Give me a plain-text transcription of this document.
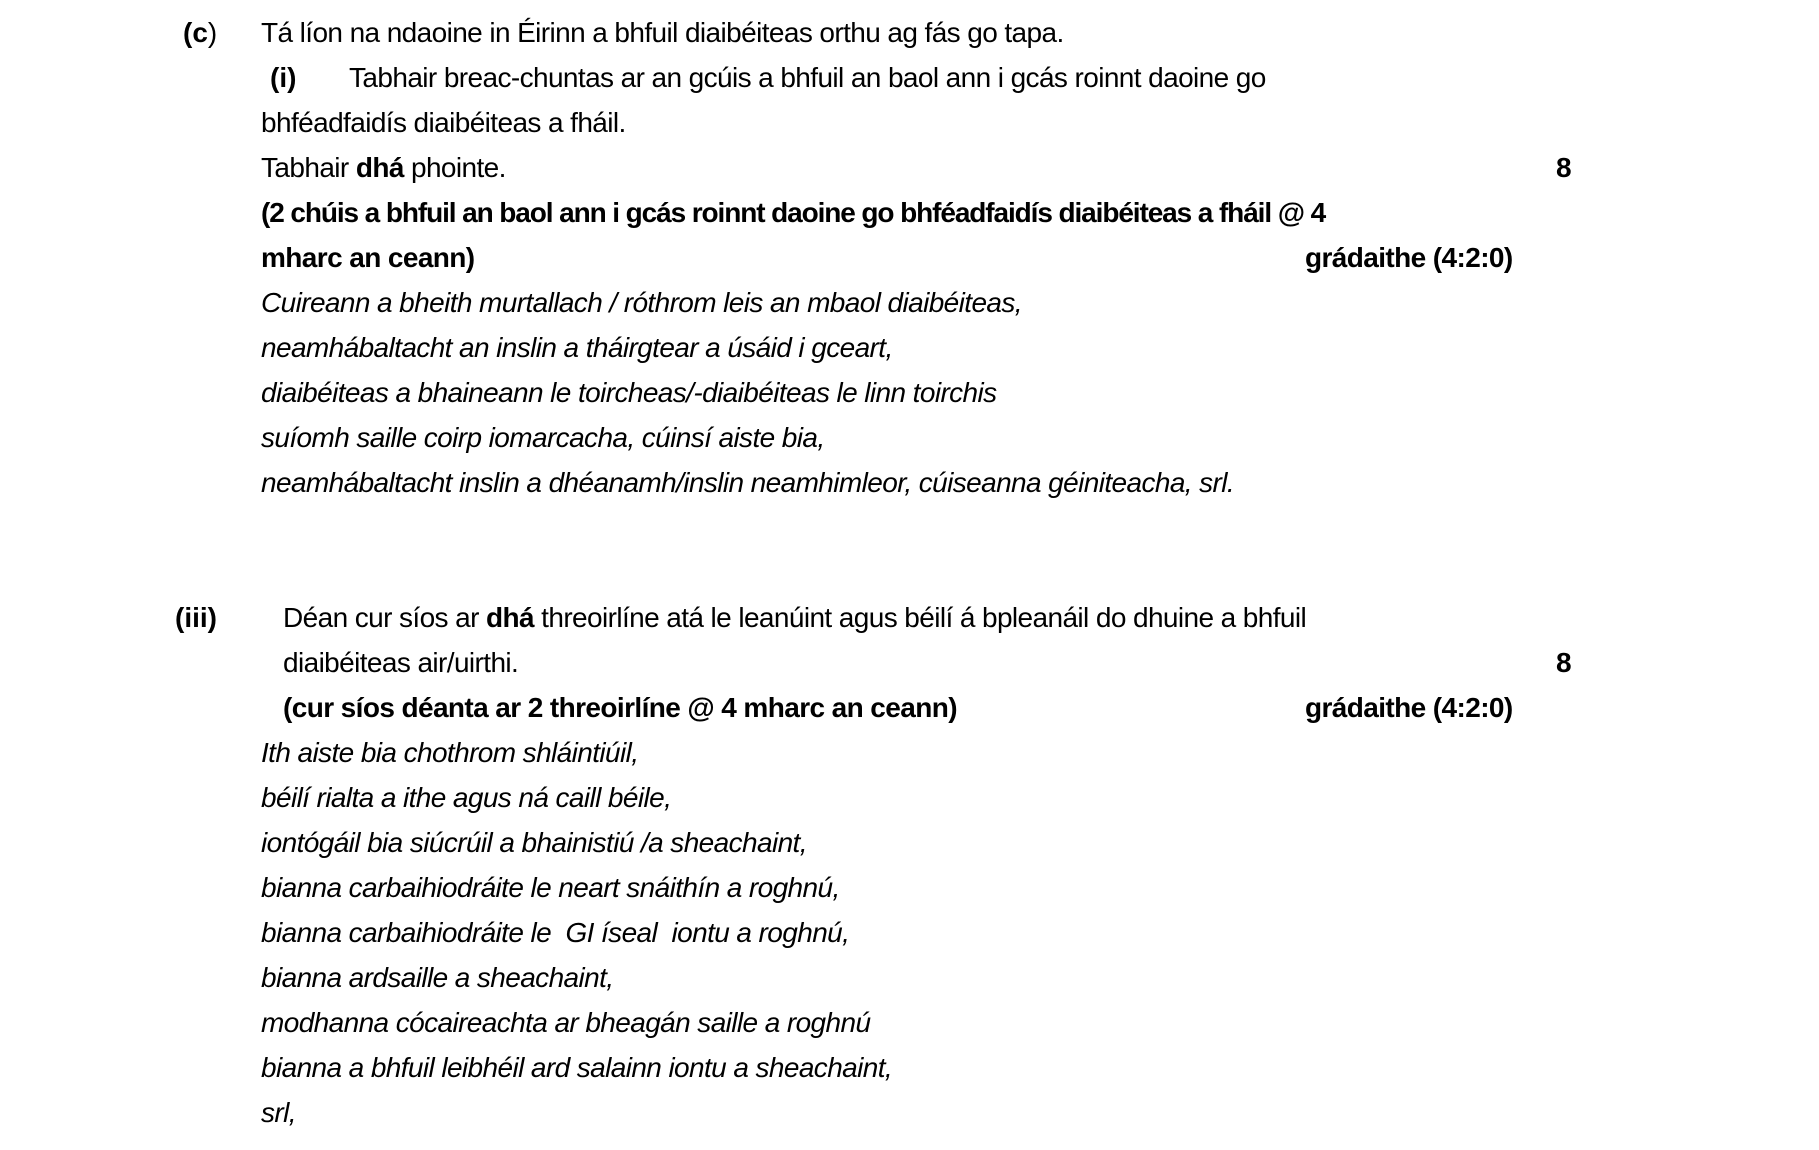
(c) Tá líon na ndaoine in Éirinn a bhfuil diaibéiteas orthu ag fás go tapa.
(i) Tabhair breac-chuntas ar an gcúis a bhfuil an baol ann i gcás roinnt daoine go
bhféadfaidís diaibéiteas a fháil.
Tabhair dhá phointe.	8
(2 chúis a bhfuil an baol ann i gcás roinnt daoine go bhféadfaidís diaibéiteas a fháil @ 4
mharc an ceann)	grádaithe (4:2:0)
Cuireann a bheith murtallach / róthrom leis an mbaol diaibéiteas,
neamhábaltacht an inslin a tháirgtear a úsáid i gceart,
diaibéiteas a bhaineann le toircheas/-diaibéiteas le linn toirchis
suíomh saille coirp iomarcacha, cúinsí aiste bia,
neamhábaltacht inslin a dhéanamh/inslin neamhimleor, cúiseanna géiniteacha, srl.
(iii) Déan cur síos ar dhá threoirlíne atá le leanúint agus béilí á bpleanáil do dhuine a bhfuil
diaibéiteas air/uirthi.	8
(cur síos déanta ar 2 threoirlíne @ 4 mharc an ceann)	grádaithe (4:2:0)
Ith aiste bia chothrom shláintiúil,
béilí rialta a ithe agus ná caill béile,
iontógáil bia siúcrúil a bhainistiú /a sheachaint,
bianna carbaihiodráite le neart snáithín a roghnú,
bianna carbaihiodráite le  GI íseal  iontu a roghnú,
bianna ardsaille a sheachaint,
modhanna cócaireachta ar bheagán saille a roghnú
bianna a bhfuil leibhéil ard salainn iontu a sheachaint,
srl,
